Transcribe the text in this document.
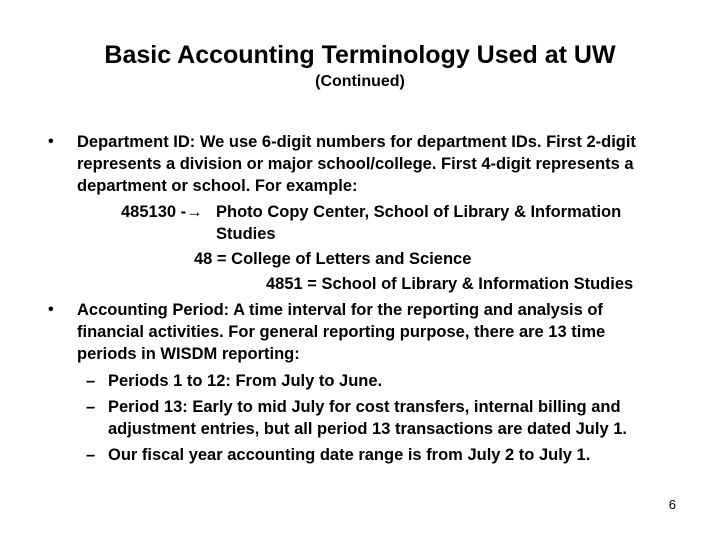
Basic Accounting Terminology Used at UW
(Continued)
• Department ID: We use 6-digit numbers for department IDs. First 2-digit represents a division or major school/college. First 4-digit represents a department or school. For example:

485130 -→ Photo Copy Center, School of Library & Information Studies

48 = College of Letters and Science
4851 = School of Library & Information Studies
• Accounting Period: A time interval for the reporting and analysis of financial activities. For general reporting purpose, there are 13 time periods in WISDM reporting:

– Periods 1 to 12: From July to June.

– Period 13: Early to mid July for cost transfers, internal billing and adjustment entries, but all period 13 transactions are dated July 1.

– Our fiscal year accounting date range is from July 2 to July 1.

6
